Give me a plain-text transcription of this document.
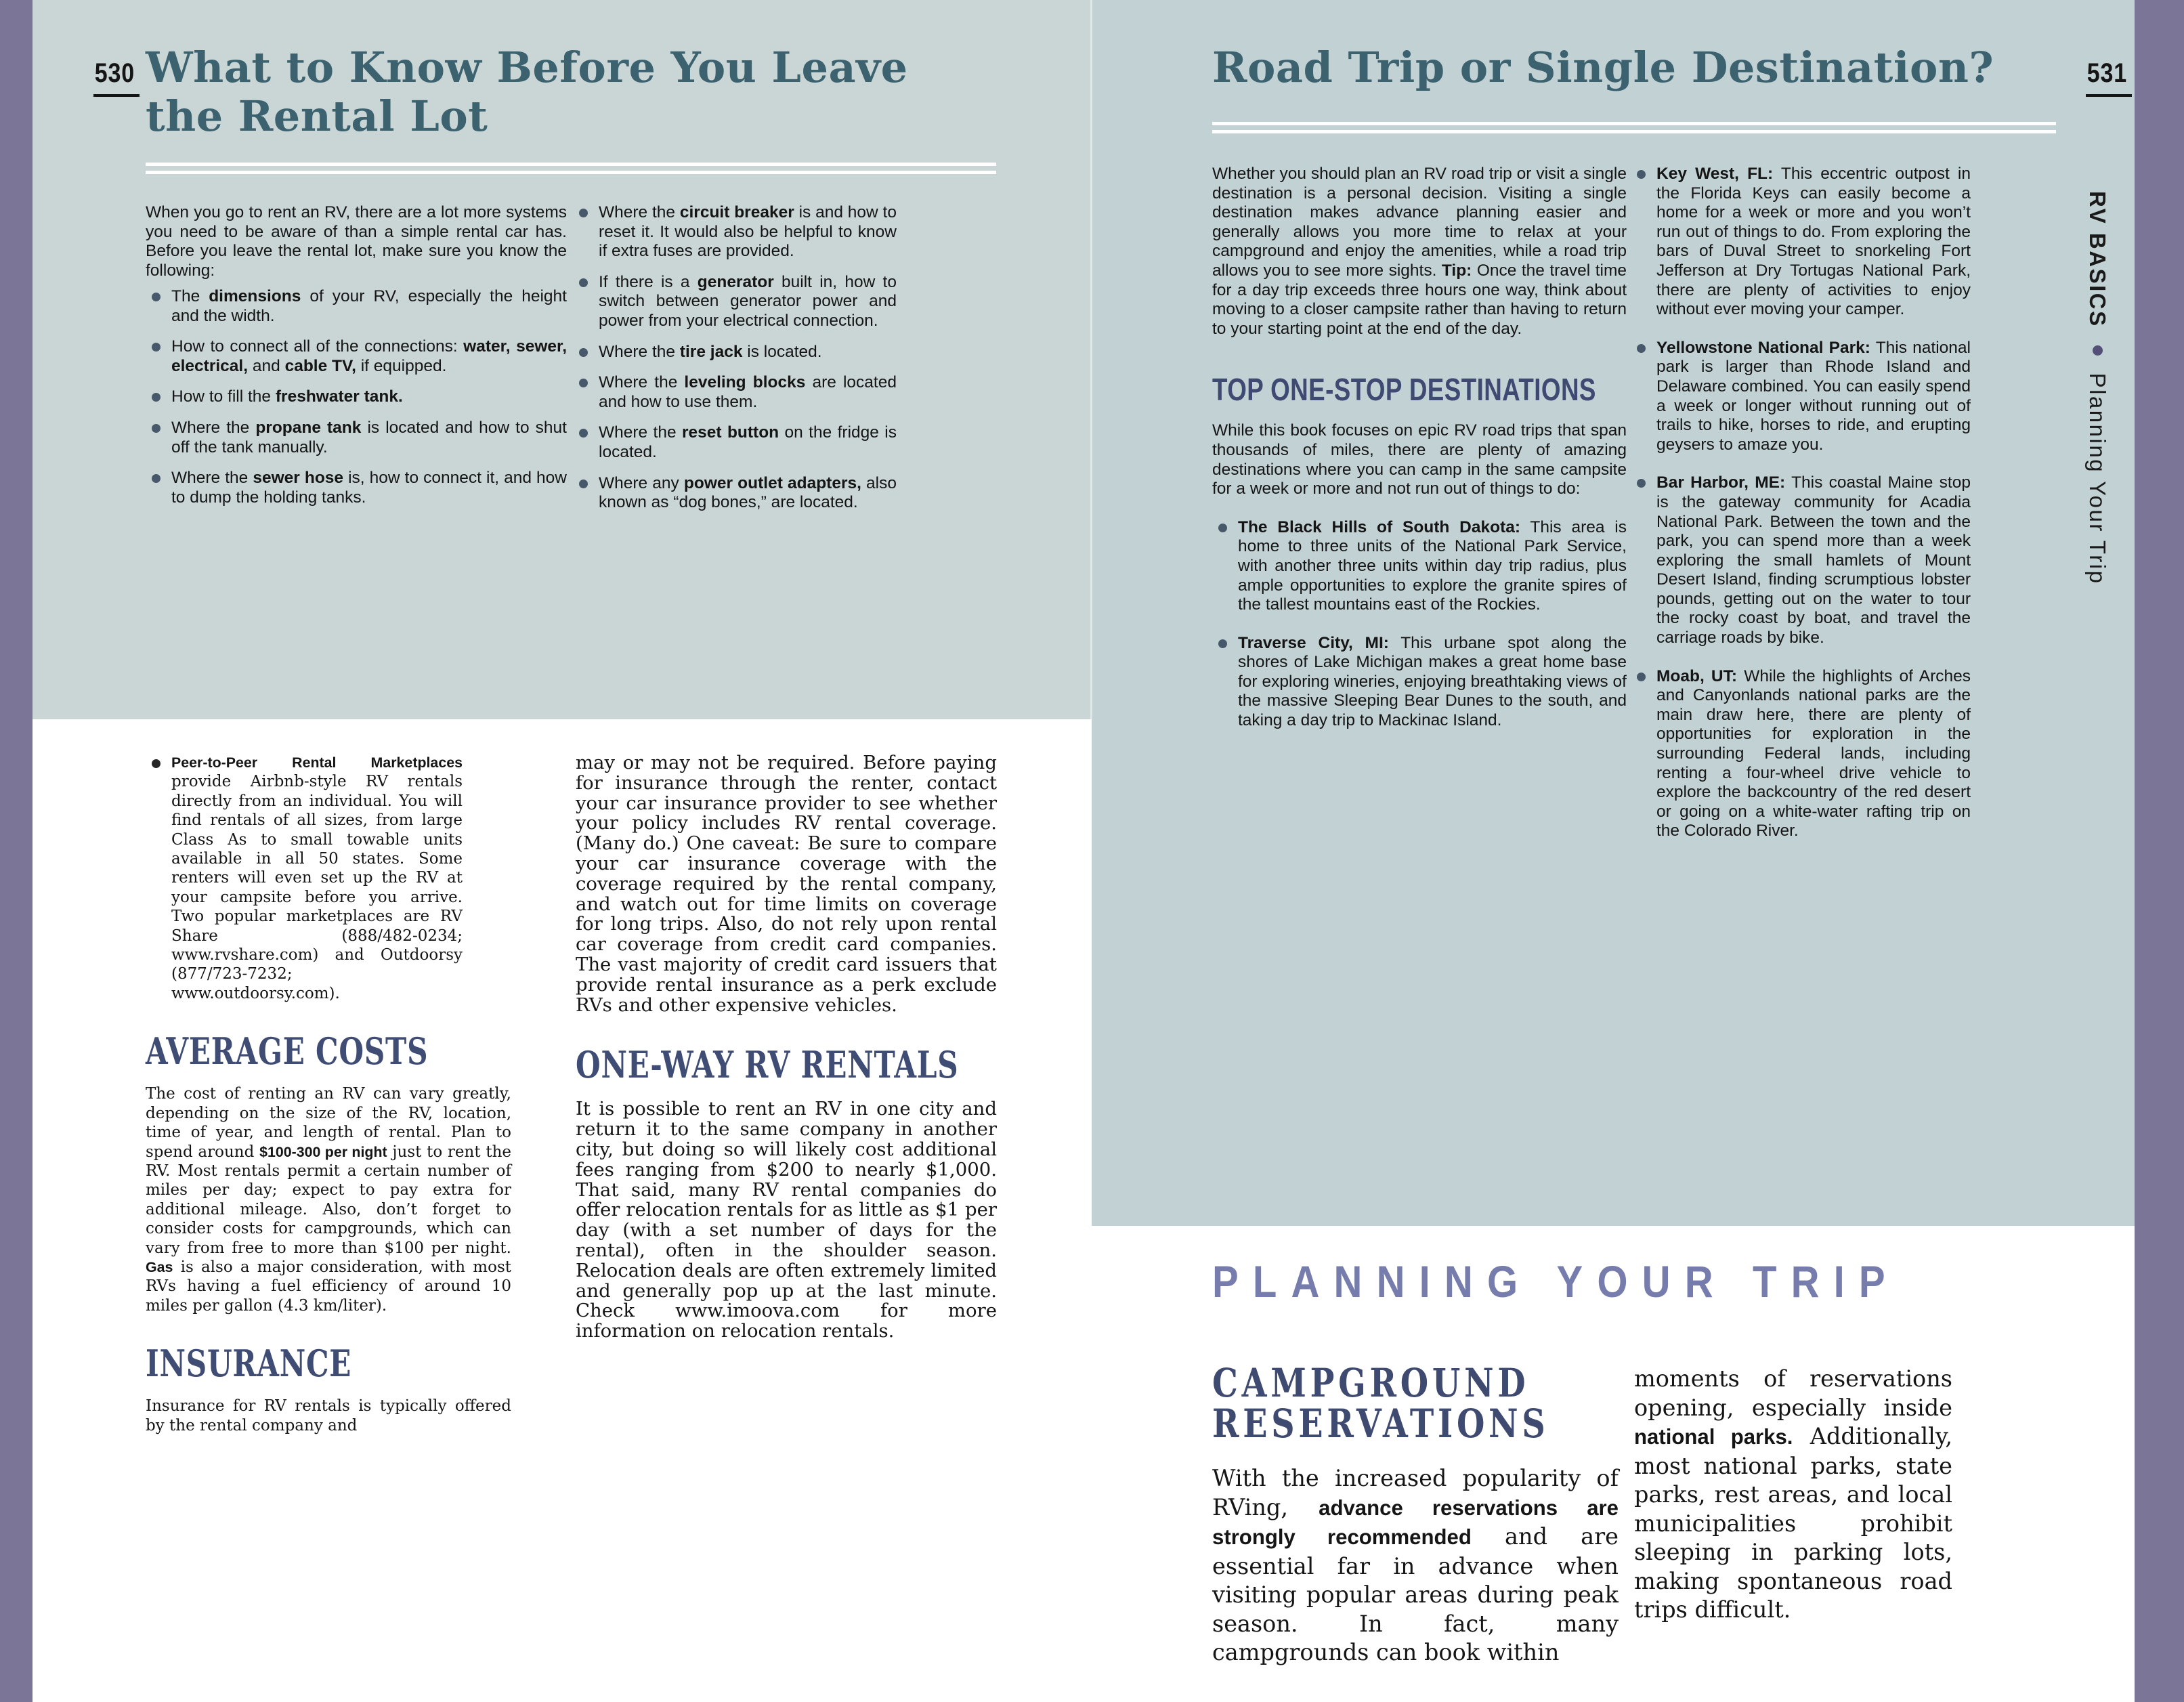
530 What to Know Before You Leave
the Rental Lot
When you go to rent an RV, there are a lot more systems you need to be aware of than a simple rental car has. Before you leave the rental lot, make sure you know the following:
The dimensions of your RV, especially the height and the width.
How to connect all of the connections: water, sewer, electrical, and cable TV, if equipped.
How to fill the freshwater tank.
Where the propane tank is located and how to shut off the tank manually.
Where the sewer hose is, how to connect it, and how to dump the holding tanks.
Where the circuit breaker is and how to reset it. It would also be helpful to know if extra fuses are provided.
If there is a generator built in, how to switch between generator power and power from your electrical connection.
Where the tire jack is located.
Where the leveling blocks are located and how to use them.
Where the reset button on the fridge is located.
Where any power outlet adapters, also known as “dog bones,” are located.
Peer-to-Peer Rental Marketplaces provide Airbnb-style RV rentals directly from an individual. You will find rentals of all sizes, from large Class As to small towable units available in all 50 states. Some renters will even set up the RV at your campsite before you arrive. Two popular marketplaces are RV Share (888/482-0234; www.rvshare.com) and Outdoorsy (877/723-7232; www.outdoorsy.com).
AVERAGE COSTS
The cost of renting an RV can vary greatly, depending on the size of the RV, location, time of year, and length of rental. Plan to spend around $100-300 per night just to rent the RV. Most rentals permit a certain number of miles per day; expect to pay extra for additional mileage. Also, don’t forget to consider costs for campgrounds, which can vary from free to more than $100 per night. Gas is also a major consideration, with most RVs having a fuel efficiency of around 10 miles per gallon (4.3 km/liter).
INSURANCE
Insurance for RV rentals is typically offered by the rental company and
may or may not be required. Before paying for insurance through the renter, contact your car insurance provider to see whether your policy includes RV rental coverage. (Many do.) One caveat: Be sure to compare your car insurance coverage with the coverage required by the rental company, and watch out for time limits on coverage for long trips. Also, do not rely upon rental car coverage from credit card companies. The vast majority of credit card issuers that provide rental insurance as a perk exclude RVs and other expensive vehicles.
ONE-WAY RV RENTALS
It is possible to rent an RV in one city and return it to the same company in another city, but doing so will likely cost additional fees ranging from $200 to nearly $1,000. That said, many RV rental companies do offer relocation rentals for as little as $1 per day (with a set number of days for the rental), often in the shoulder season. Relocation deals are often extremely limited and generally pop up at the last minute. Check www.imoova.com for more information on relocation rentals.
531
Road Trip or Single Destination?
Whether you should plan an RV road trip or visit a single destination is a personal decision. Visiting a single destination makes advance planning easier and generally allows you more time to relax at your campground and enjoy the amenities, while a road trip allows you to see more sights. Tip: Once the travel time for a day trip exceeds three hours one way, think about moving to a closer campsite rather than having to return to your starting point at the end of the day.
TOP ONE-STOP DESTINATIONS
While this book focuses on epic RV road trips that span thousands of miles, there are plenty of amazing destinations where you can camp in the same campsite for a week or more and not run out of things to do:
The Black Hills of South Dakota: This area is home to three units of the National Park Service, with another three units within day trip radius, plus ample opportunities to explore the granite spires of the tallest mountains east of the Rockies.
Traverse City, MI: This urbane spot along the shores of Lake Michigan makes a great home base for exploring wineries, enjoying breathtaking views of the massive Sleeping Bear Dunes to the south, and taking a day trip to Mackinac Island.
Key West, FL: This eccentric outpost in the Florida Keys can easily become a home for a week or more and you won’t run out of things to do. From exploring the bars of Duval Street to snorkeling Fort Jefferson at Dry Tortugas National Park, there are plenty of activities to enjoy without ever moving your camper.
Yellowstone National Park: This national park is larger than Rhode Island and Delaware combined. You can easily spend a week or longer without running out of trails to hike, horses to ride, and erupting geysers to amaze you.
Bar Harbor, ME: This coastal Maine stop is the gateway community for Acadia National Park. Between the town and the park, you can spend more than a week exploring the small hamlets of Mount Desert Island, finding scrumptious lobster pounds, getting out on the water to tour the rocky coast by boat, and travel the carriage roads by bike.
Moab, UT: While the highlights of Arches and Canyonlands national parks are the main draw here, there are plenty of opportunities for exploration in the surrounding Federal lands, including renting a four-wheel drive vehicle to explore the backcountry of the red desert or going on a white-water rafting trip on the Colorado River.
RV BASICSPlanning Your Trip
PLANNING YOUR TRIP
CAMPGROUND
RESERVATIONS
With the increased popularity of RVing, advance reservations are strongly recommended and are essential far in advance when visiting popular areas during peak season. In fact, many campgrounds can book within
moments of reservations opening, especially inside national parks. Additionally, most national parks, state parks, rest areas, and local municipalities prohibit sleeping in parking lots, making spontaneous road trips difficult.
